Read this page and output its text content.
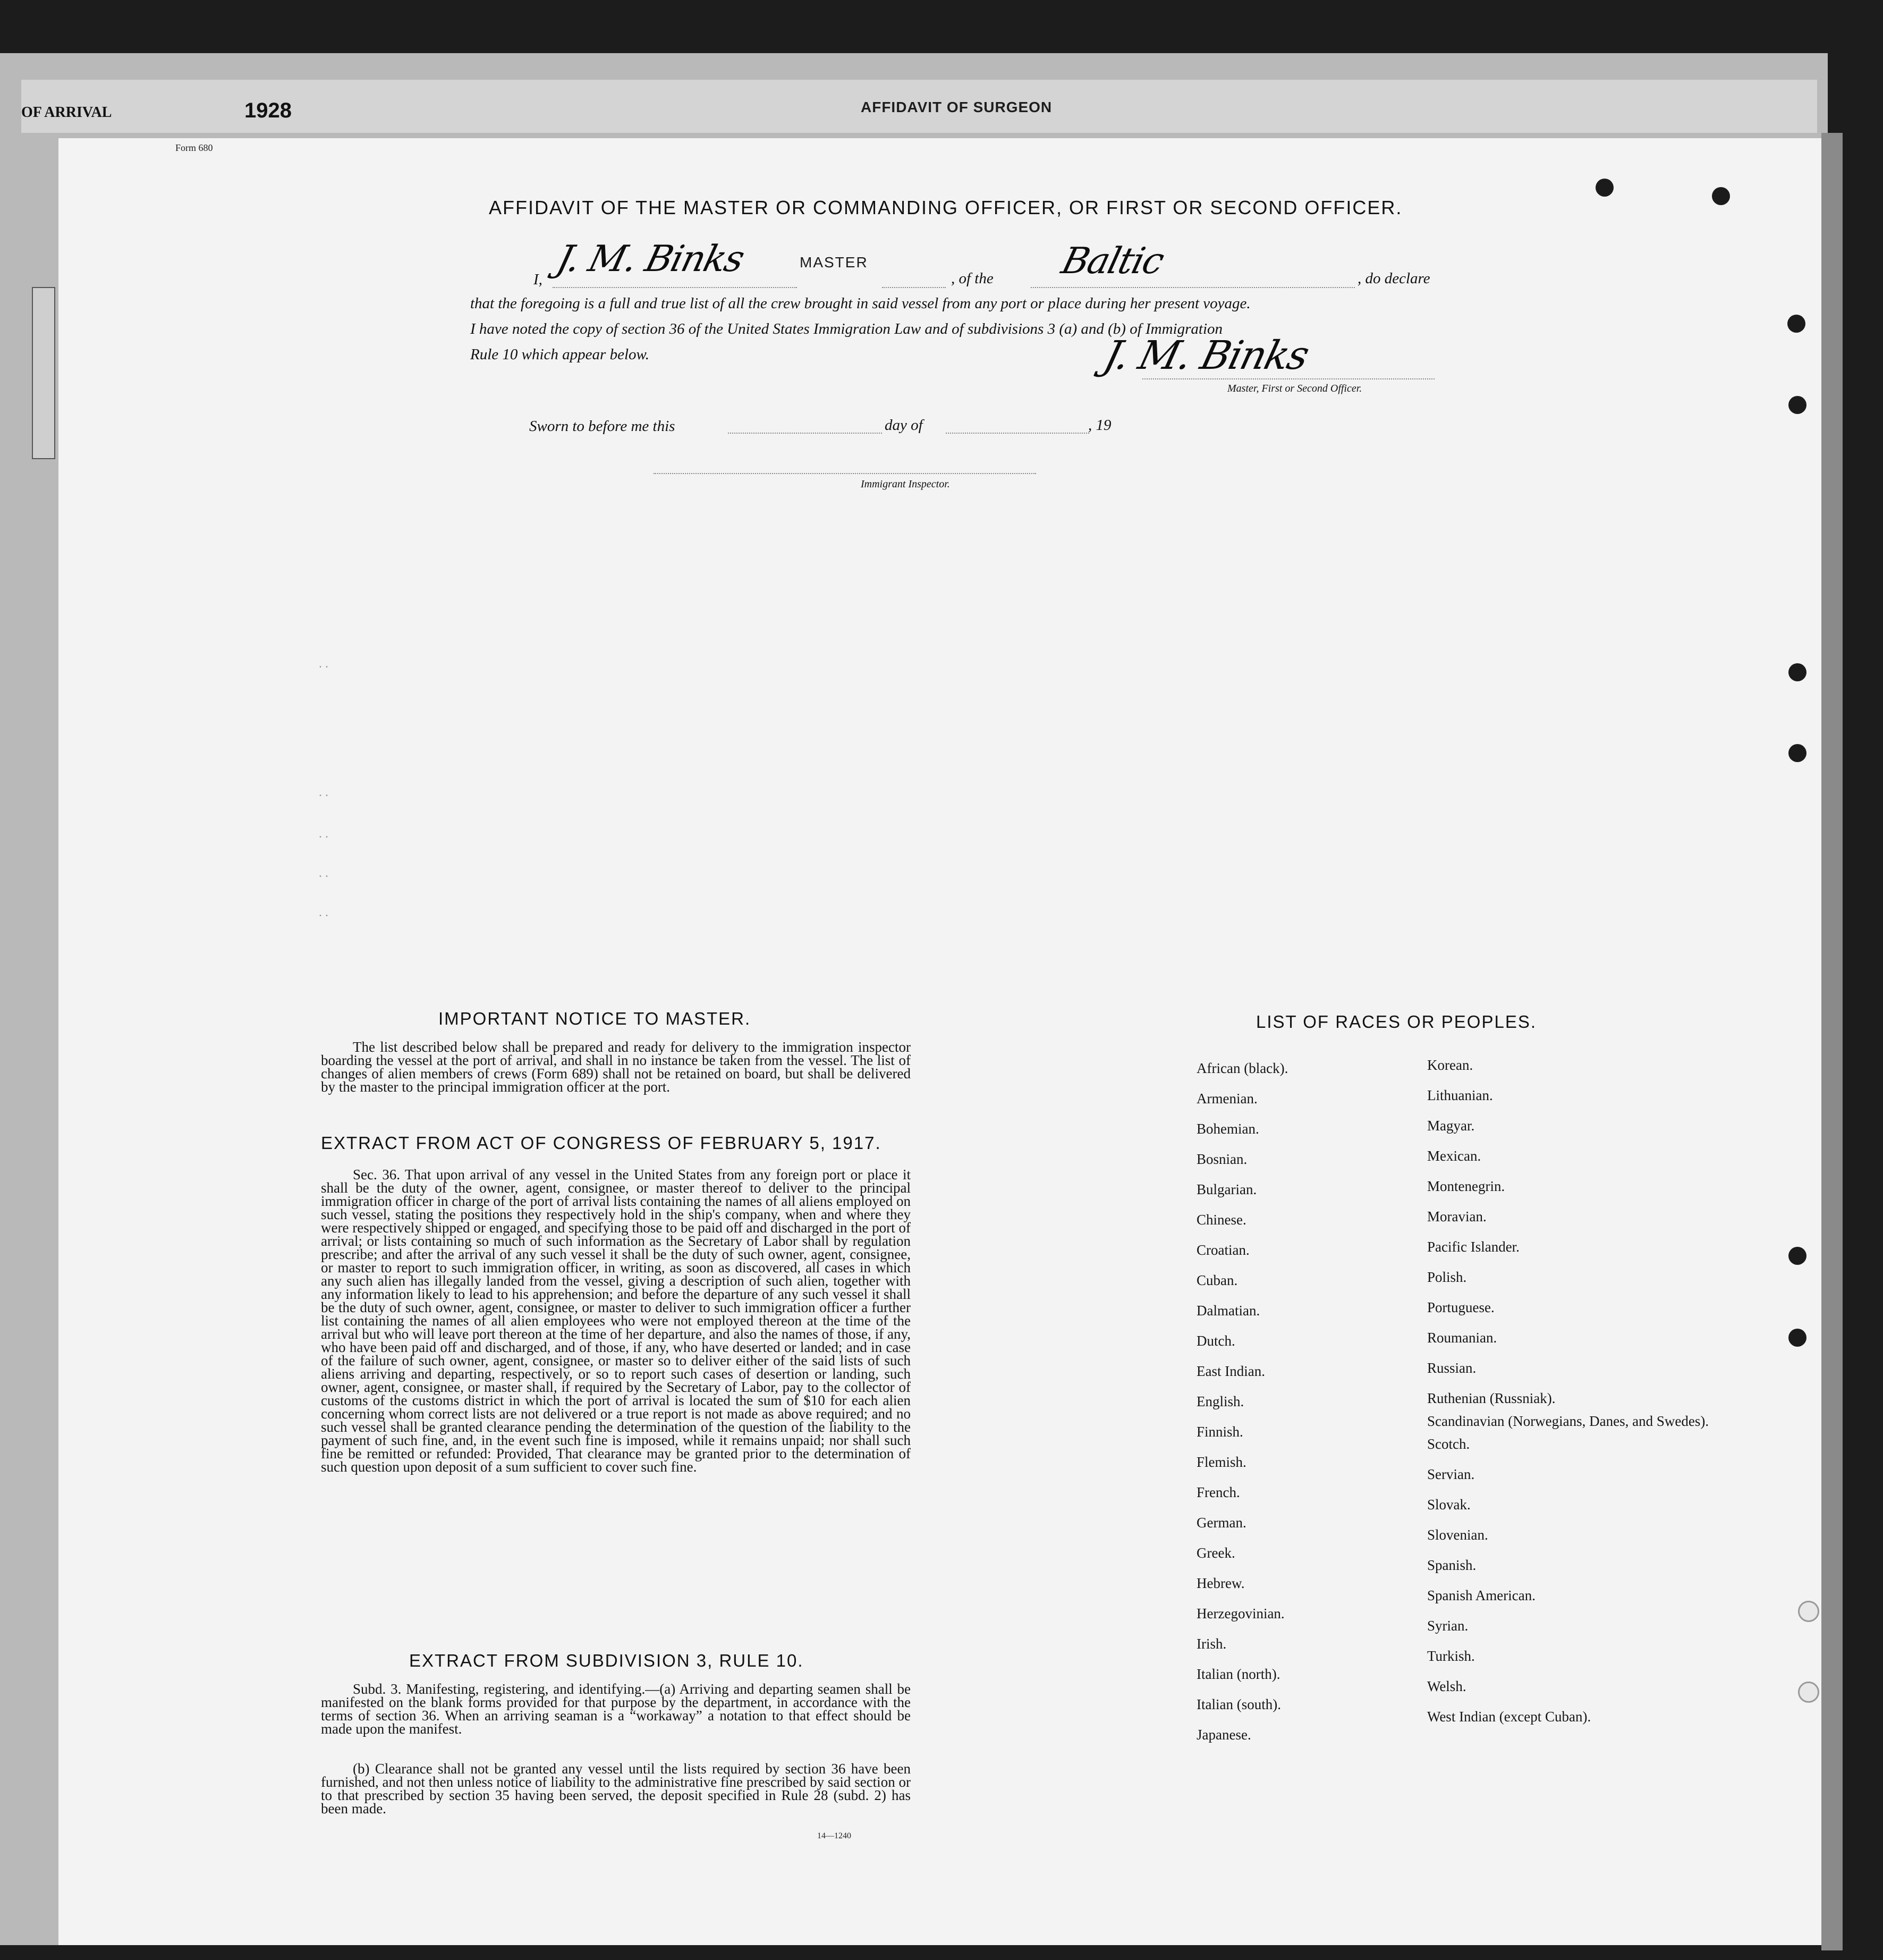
OF ARRIVAL	1928	AFFIDAVIT OF SURGEON
Form 680
AFFIDAVIT OF THE MASTER OR COMMANDING OFFICER, OR FIRST OR SECOND OFFICER.
I, J. M. Binks	MASTER
, of the Baltic	, do declare
that the foregoing is a full and true list of all the crew brought in said vessel from any port or place during her present voyage.
I have noted the copy of section 36 of the United States Immigration Law and of subdivisions 3 (a) and (b) of Immigration
Rule 10 which appear below.	J. M. Binks
Master, First or Second Officer.
Sworn to before me this	day of	, 19
Immigrant Inspector.
. .
. .
. .
. .
. .
IMPORTANT NOTICE TO MASTER.
The list described below shall be prepared and ready for delivery to the immigration inspector boarding the vessel at the port of arrival, and shall in no instance be taken from the vessel. The list of changes of alien members of crews (Form 689) shall not be retained on board, but shall be delivered by the master to the principal immigration officer at the port.
EXTRACT FROM ACT OF CONGRESS OF FEBRUARY 5, 1917.
Sec. 36. That upon arrival of any vessel in the United States from any foreign port or place it shall be the duty of the owner, agent, consignee, or master thereof to deliver to the principal immigration officer in charge of the port of arrival lists containing the names of all aliens employed on such vessel, stating the positions they respectively hold in the ship's company, when and where they were respectively shipped or engaged, and specifying those to be paid off and discharged in the port of arrival; or lists containing so much of such information as the Secretary of Labor shall by regulation prescribe; and after the arrival of any such vessel it shall be the duty of such owner, agent, consignee, or master to report to such immigration officer, in writing, as soon as discovered, all cases in which any such alien has illegally landed from the vessel, giving a description of such alien, together with any information likely to lead to his apprehension; and before the departure of any such vessel it shall be the duty of such owner, agent, consignee, or master to deliver to such immigration officer a further list containing the names of all alien employees who were not employed thereon at the time of the arrival but who will leave port thereon at the time of her departure, and also the names of those, if any, who have been paid off and discharged, and of those, if any, who have deserted or landed; and in case of the failure of such owner, agent, consignee, or master so to deliver either of the said lists of such aliens arriving and departing, respectively, or so to report such cases of desertion or landing, such owner, agent, consignee, or master shall, if required by the Secretary of Labor, pay to the collector of customs of the customs district in which the port of arrival is located the sum of $10 for each alien concerning whom correct lists are not delivered or a true report is not made as above required; and no such vessel shall be granted clearance pending the determination of the question of the liability to the payment of such fine, and, in the event such fine is imposed, while it remains unpaid; nor shall such fine be remitted or refunded: Provided, That clearance may be granted prior to the determination of such question upon deposit of a sum sufficient to cover such fine.
EXTRACT FROM SUBDIVISION 3, RULE 10.
Subd. 3. Manifesting, registering, and identifying.—(a) Arriving and departing seamen shall be manifested on the blank forms provided for that purpose by the department, in accordance with the terms of section 36. When an arriving seaman is a “workaway” a notation to that effect should be made upon the manifest.
(b) Clearance shall not be granted any vessel until the lists required by section 36 have been furnished, and not then unless notice of liability to the administrative fine prescribed by said section or to that prescribed by section 35 having been served, the deposit specified in Rule 28 (subd. 2) has been made.
14—1240
LIST OF RACES OR PEOPLES.
African (black).
Armenian.
Bohemian.
Bosnian.
Bulgarian.
Chinese.
Croatian.
Cuban.
Dalmatian.
Dutch.
East Indian.
English.
Finnish.
Flemish.
French.
German.
Greek.
Hebrew.
Herzegovinian.
Irish.
Italian (north).
Italian (south).
Japanese.
Korean.
Lithuanian.
Magyar.
Mexican.
Montenegrin.
Moravian.
Pacific Islander.
Polish.
Portuguese.
Roumanian.
Russian.
Ruthenian (Russniak).
Scandinavian (Norwegians, Danes, and Swedes).
Scotch.
Servian.
Slovak.
Slovenian.
Spanish.
Spanish American.
Syrian.
Turkish.
Welsh.
West Indian (except Cuban).
